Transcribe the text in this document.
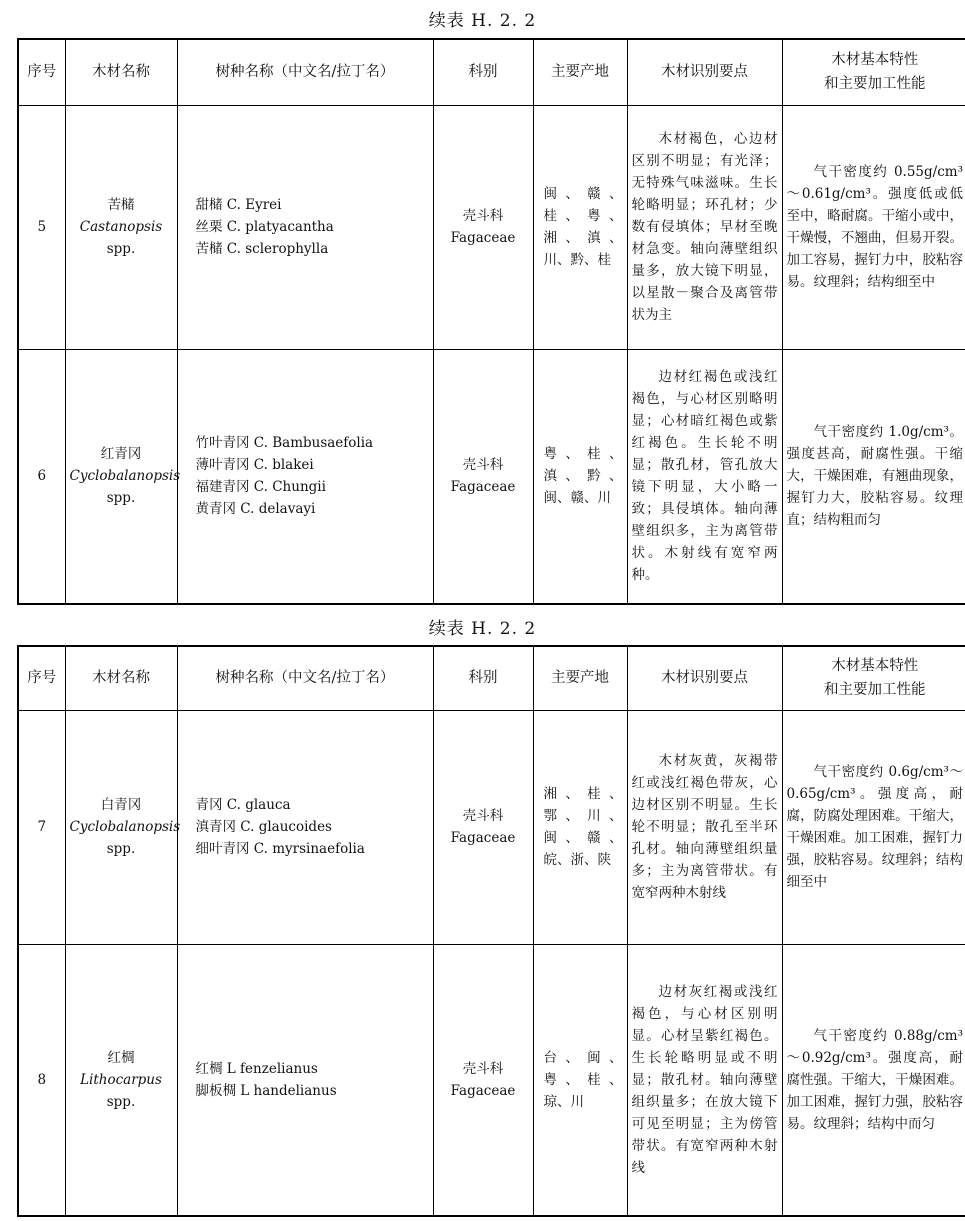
续表 H. 2. 2
序号	木材名称	树种名称（中文名/拉丁名）	科别	主要产地	木材识别要点	木材基本特性
和主要加工性能
5	苦槠
Castanopsis
spp.	甜槠 C. Eyrei
丝栗 C. platyacantha
苦槠 C. sclerophylla	壳斗科
Fagaceae	闽、赣、桂、粤、湘、滇、川、黔、桂	木材褐色，心边材区别不明显；有光泽；无特殊气味滋味。生长轮略明显；环孔材；少数有侵填体；早材至晚材急变。轴向薄壁组织量多，放大镜下明显，以星散－聚合及离管带状为主	气干密度约 0.55g/cm³～0.61g/cm³。强度低或低至中，略耐腐。干缩小或中，干燥慢，不翘曲，但易开裂。加工容易，握钉力中，胶粘容易。纹理斜；结构细至中
6	红青冈
Cyclobalanopsis
spp.	竹叶青冈 C. Bambusaefolia
薄叶青冈 C. blakei
福建青冈 C. Chungii
黄青冈 C. delavayi	壳斗科
Fagaceae	粤、桂、滇、黔、闽、赣、川	边材红褐色或浅红褐色，与心材区别略明显；心材暗红褐色或紫红褐色。生长轮不明显；散孔材，管孔放大镜下明显，大小略一致；具侵填体。轴向薄壁组织多，主为离管带状。木射线有宽窄两种。	气干密度约 1.0g/cm³。强度甚高，耐腐性强。干缩大，干燥困难，有翘曲现象，握钉力大，胶粘容易。纹理直；结构粗而匀
续表 H. 2. 2
序号	木材名称	树种名称（中文名/拉丁名）	科别	主要产地	木材识别要点	木材基本特性
和主要加工性能
7	白青冈
Cyclobalanopsis
spp.	青冈 C. glauca
滇青冈 C. glaucoides
细叶青冈 C. myrsinaefolia	壳斗科
Fagaceae	湘、桂、鄂、川、闽、赣、皖、浙、陕	木材灰黄，灰褐带红或浅红褐色带灰，心边材区别不明显。生长轮不明显；散孔至半环孔材。轴向薄壁组织量多；主为离管带状。有宽窄两种木射线	气干密度约 0.6g/cm³～0.65g/cm³。强度高，耐腐，防腐处理困难。干缩大，干燥困难。加工困难，握钉力强，胶粘容易。纹理斜；结构细至中
8	红椆
Lithocarpus
spp.	红椆 L fenzelianus
脚板椆 L handelianus	壳斗科
Fagaceae	台、闽、粤、桂、琼、川	边材灰红褐或浅红褐色，与心材区别明显。心材呈紫红褐色。生长轮略明显或不明显；散孔材。轴向薄壁组织量多；在放大镜下可见至明显；主为傍管带状。有宽窄两种木射线	气干密度约 0.88g/cm³～0.92g/cm³。强度高，耐腐性强。干缩大，干燥困难。加工困难，握钉力强，胶粘容易。纹理斜；结构中而匀
